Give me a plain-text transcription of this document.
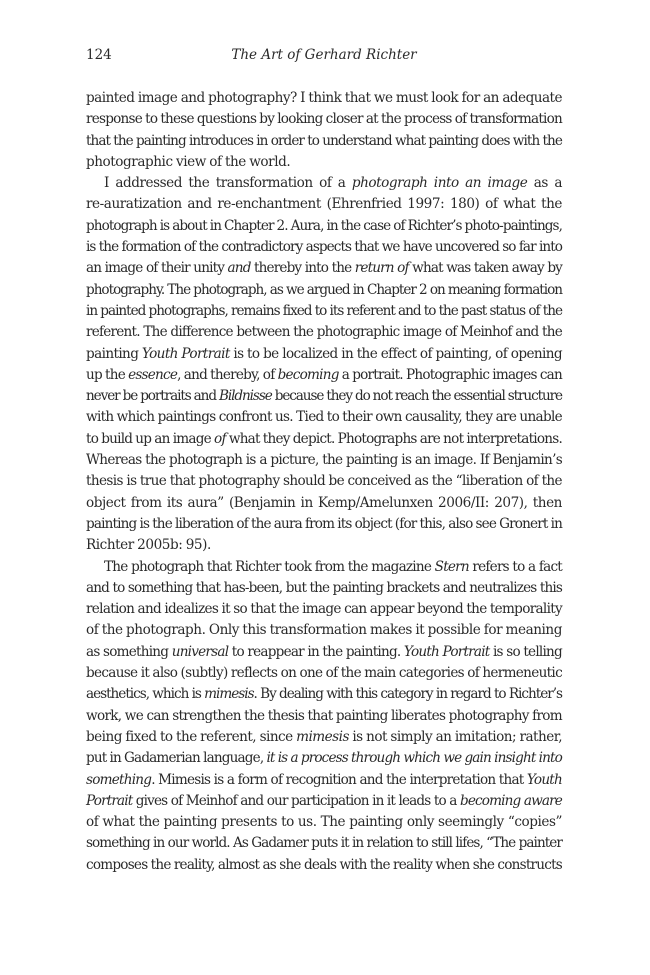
124	The Art of Gerhard Richter
painted image and photography? I think that we must look for an adequate
response to these questions by looking closer at the process of transformation
that the painting introduces in order to understand what painting does with the
photographic view of the world.
I addressed the transformation of a photograph into an image as a
re-auratization and re-enchantment (Ehrenfried 1997: 180) of what the
photograph is about in Chapter 2. Aura, in the case of Richter’s photo-paintings,
is the formation of the contradictory aspects that we have uncovered so far into
an image of their unity and thereby into the return of what was taken away by
photography. The photograph, as we argued in Chapter 2 on meaning formation
in painted photographs, remains fixed to its referent and to the past status of the
referent. The difference between the photographic image of Meinhof and the
painting Youth Portrait is to be localized in the effect of painting, of opening
up the essence, and thereby, of becoming a portrait. Photographic images can
never be portraits and Bildnisse because they do not reach the essential structure
with which paintings confront us. Tied to their own causality, they are unable
to build up an image of what they depict. Photographs are not interpretations.
Whereas the photograph is a picture, the painting is an image. If Benjamin’s
thesis is true that photography should be conceived as the “liberation of the
object from its aura” (Benjamin in Kemp/Amelunxen 2006/II: 207), then
painting is the liberation of the aura from its object (for this, also see Gronert in
Richter 2005b: 95).
The photograph that Richter took from the magazine Stern refers to a fact
and to something that has-been, but the painting brackets and neutralizes this
relation and idealizes it so that the image can appear beyond the temporality
of the photograph. Only this transformation makes it possible for meaning
as something universal to reappear in the painting. Youth Portrait is so telling
because it also (subtly) reflects on one of the main categories of hermeneutic
aesthetics, which is mimesis. By dealing with this category in regard to Richter’s
work, we can strengthen the thesis that painting liberates photography from
being fixed to the referent, since mimesis is not simply an imitation; rather,
put in Gadamerian language, it is a process through which we gain insight into
something. Mimesis is a form of recognition and the interpretation that Youth
Portrait gives of Meinhof and our participation in it leads to a becoming aware
of what the painting presents to us. The painting only seemingly “copies”
something in our world. As Gadamer puts it in relation to still lifes, “The painter
composes the reality, almost as she deals with the reality when she constructs
